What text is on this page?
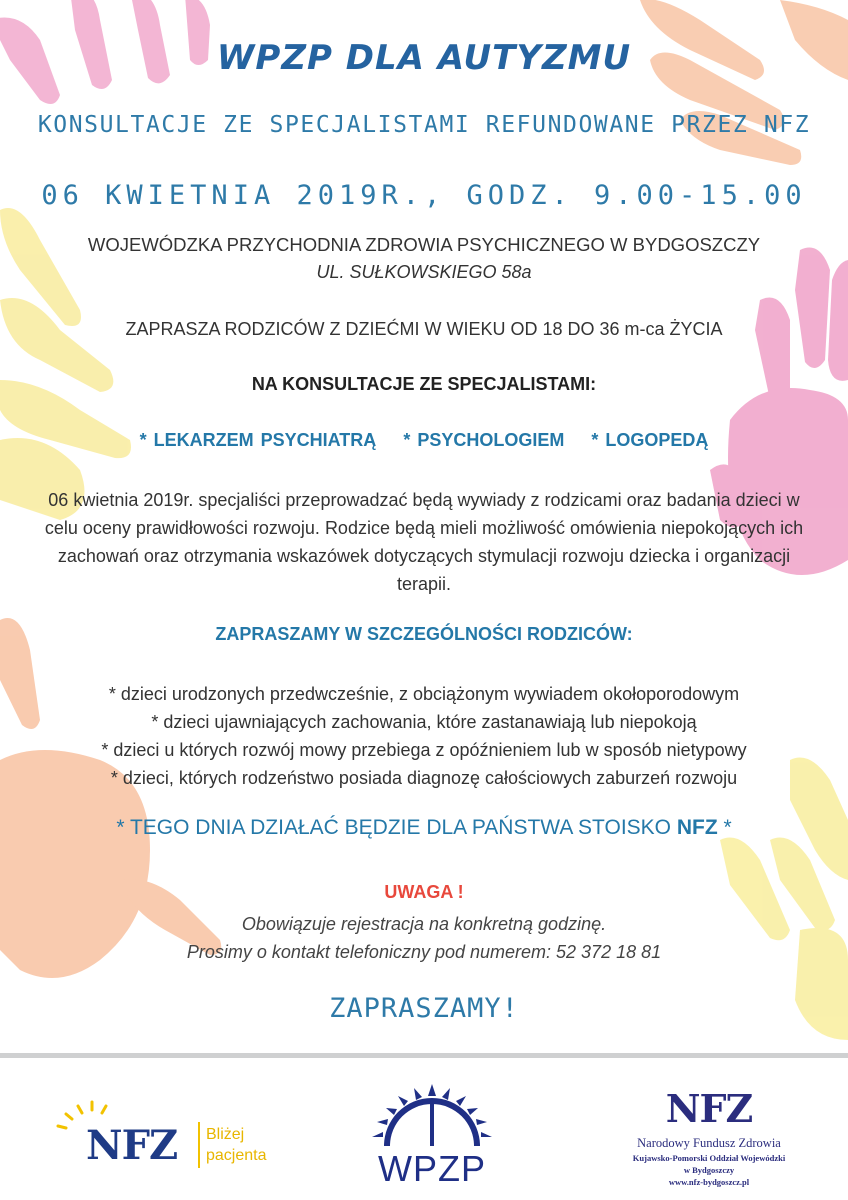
WPZP DLA AUTYZMU
KONSULTACJE ZE SPECJALISTAMI REFUNDOWANE PRZEZ NFZ
06 KWIETNIA 2019R., GODZ. 9.00-15.00
WOJEWÓDZKA PRZYCHODNIA ZDROWIA PSYCHICZNEGO W BYDGOSZCZY
UL. SUŁKOWSKIEGO 58a
ZAPRASZA RODZICÓW Z DZIEĆMI W WIEKU OD 18 DO 36 m-ca ŻYCIA
NA KONSULTACJE ZE SPECJALISTAMI:
* LEKARZEM PSYCHIATRĄ * PSYCHOLOGIEM * LOGOPEDĄ
06 kwietnia 2019r. specjaliści przeprowadzać będą wywiady z rodzicami oraz badania dzieci w celu oceny prawidłowości rozwoju. Rodzice będą mieli możliwość omówienia niepokojących ich zachowań oraz otrzymania wskazówek dotyczących stymulacji rozwoju dziecka i organizacji terapii.
ZAPRASZAMY W SZCZEGÓLNOŚCI RODZICÓW:
* dzieci urodzonych przedwcześnie, z obciążonym wywiadem okołoporodowym
* dzieci ujawniających zachowania, które zastanawiają lub niepokoją
* dzieci u których rozwój mowy przebiega z opóźnieniem lub w sposób nietypowy
* dzieci, których rodzeństwo posiada diagnozę całościowych zaburzeń rozwoju
* TEGO DNIA DZIAŁAĆ BĘDZIE DLA PAŃSTWA STOISKO NFZ *
UWAGA !
Obowiązuje rejestracja na konkretną godzinę.
Prosimy o kontakt telefoniczny pod numerem: 52 372 18 81
ZAPRASZAMY!
NFZ Bliżej
pacjenta	WPZP
NFZ
Narodowy Fundusz Zdrowia
Kujawsko-Pomorski Oddział Wojewódzki
w Bydgoszczy
www.nfz-bydgoszcz.pl
